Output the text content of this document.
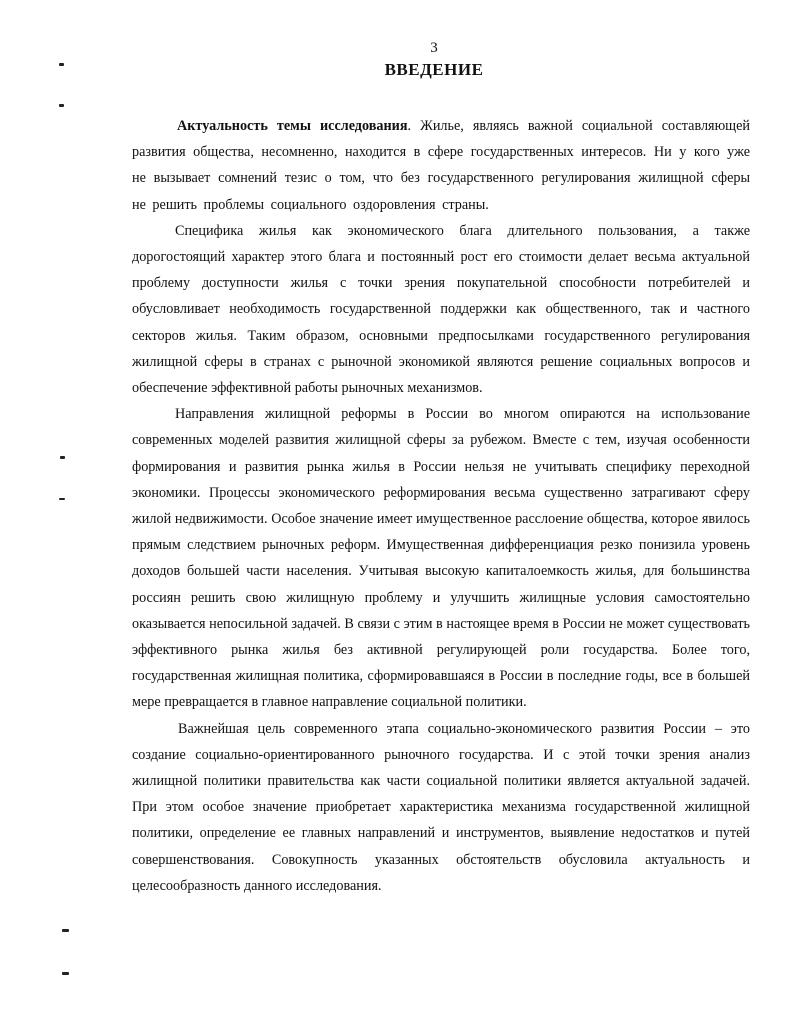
3
ВВЕДЕНИЕ

Актуальность темы исследования. Жилье, являясь важной социальной составляющей развития общества, несомненно, находится в сфере государственных интересов. Ни у кого уже не вызывает сомнений тезис о том, что без государственного регулирования жилищной сферы не решить проблемы социального оздоровления страны.

Специфика жилья как экономического блага длительного пользования, а также дорогостоящий характер этого блага и постоянный рост его стоимости делает весьма актуальной проблему доступности жилья с точки зрения покупательной способности потребителей и обусловливает необходимость государственной поддержки как общественного, так и частного секторов жилья. Таким образом, основными предпосылками государственного регулирования жилищной сферы в странах с рыночной экономикой являются решение социальных вопросов и обеспечение эффективной работы рыночных механизмов.

Направления жилищной реформы в России во многом опираются на использование современных моделей развития жилищной сферы за рубежом. Вместе с тем, изучая особенности формирования и развития рынка жилья в России нельзя не учитывать специфику переходной экономики. Процессы экономического реформирования весьма существенно затрагивают сферу жилой недвижимости. Особое значение имеет имущественное расслоение общества, которое явилось прямым следствием рыночных реформ. Имущественная дифференциация резко понизила уровень доходов большей части населения. Учитывая высокую капиталоемкость жилья, для большинства россиян решить свою жилищную проблему и улучшить жилищные условия самостоятельно оказывается непосильной задачей. В связи с этим в настоящее время в России не может существовать эффективного рынка жилья без активной регулирующей роли государства. Более того, государственная жилищная политика, сформировавшаяся в России в последние годы, все в большей мере превращается в главное направление социальной политики.

Важнейшая цель современного этапа социально-экономического развития России – это создание социально-ориентированного рыночного государства. И с этой точки зрения анализ жилищной политики правительства как части социальной политики является актуальной задачей. При этом особое значение приобретает характеристика механизма государственной жилищной политики, определение ее главных направлений и инструментов, выявление недостатков и путей совершенствования. Совокупность указанных обстоятельств обусловила актуальность и целесообразность данного исследования.
